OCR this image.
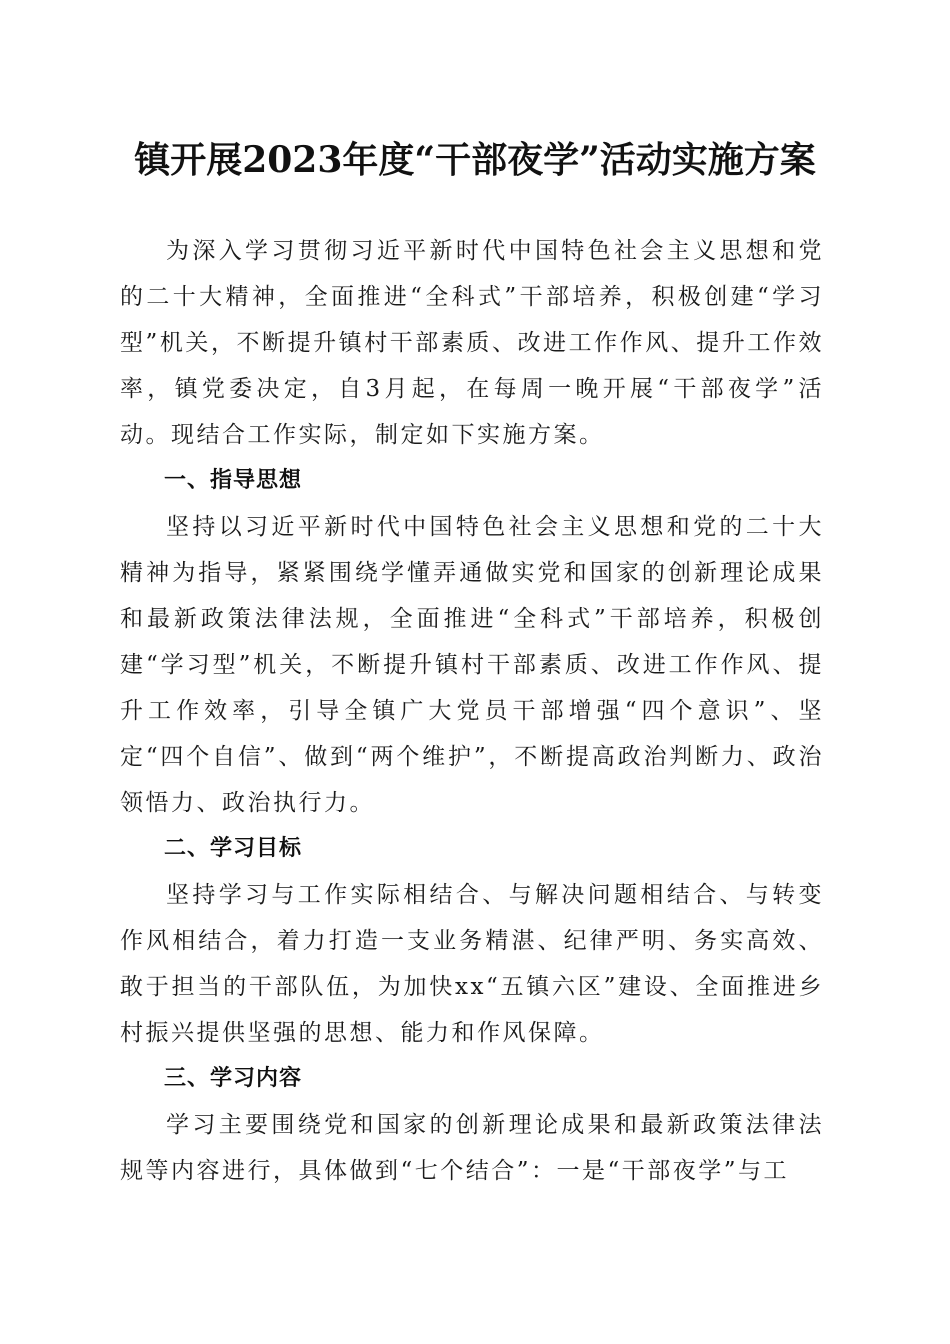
镇开展2023年度“干部夜学”活动实施方案

为深入学习贯彻习近平新时代中国特色社会主义思想和党的二十大精神，全面推进“全科式”干部培养，积极创建“学习型”机关，不断提升镇村干部素质、改进工作作风、提升工作效率，镇党委决定，自3月起，在每周一晚开展“干部夜学”活动。现结合工作实际，制定如下实施方案。

一、指导思想

坚持以习近平新时代中国特色社会主义思想和党的二十大精神为指导，紧紧围绕学懂弄通做实党和国家的创新理论成果和最新政策法律法规，全面推进“全科式”干部培养，积极创建“学习型”机关，不断提升镇村干部素质、改进工作作风、提升工作效率，引导全镇广大党员干部增强“四个意识”、坚定“四个自信”、做到“两个维护”，不断提高政治判断力、政治领悟力、政治执行力。

二、学习目标

坚持学习与工作实际相结合、与解决问题相结合、与转变作风相结合，着力打造一支业务精湛、纪律严明、务实高效、敢于担当的干部队伍，为加快xx“五镇六区”建设、全面推进乡村振兴提供坚强的思想、能力和作风保障。

三、学习内容

学习主要围绕党和国家的创新理论成果和最新政策法律法规等内容进行，具体做到“七个结合”：一是“干部夜学”与工
